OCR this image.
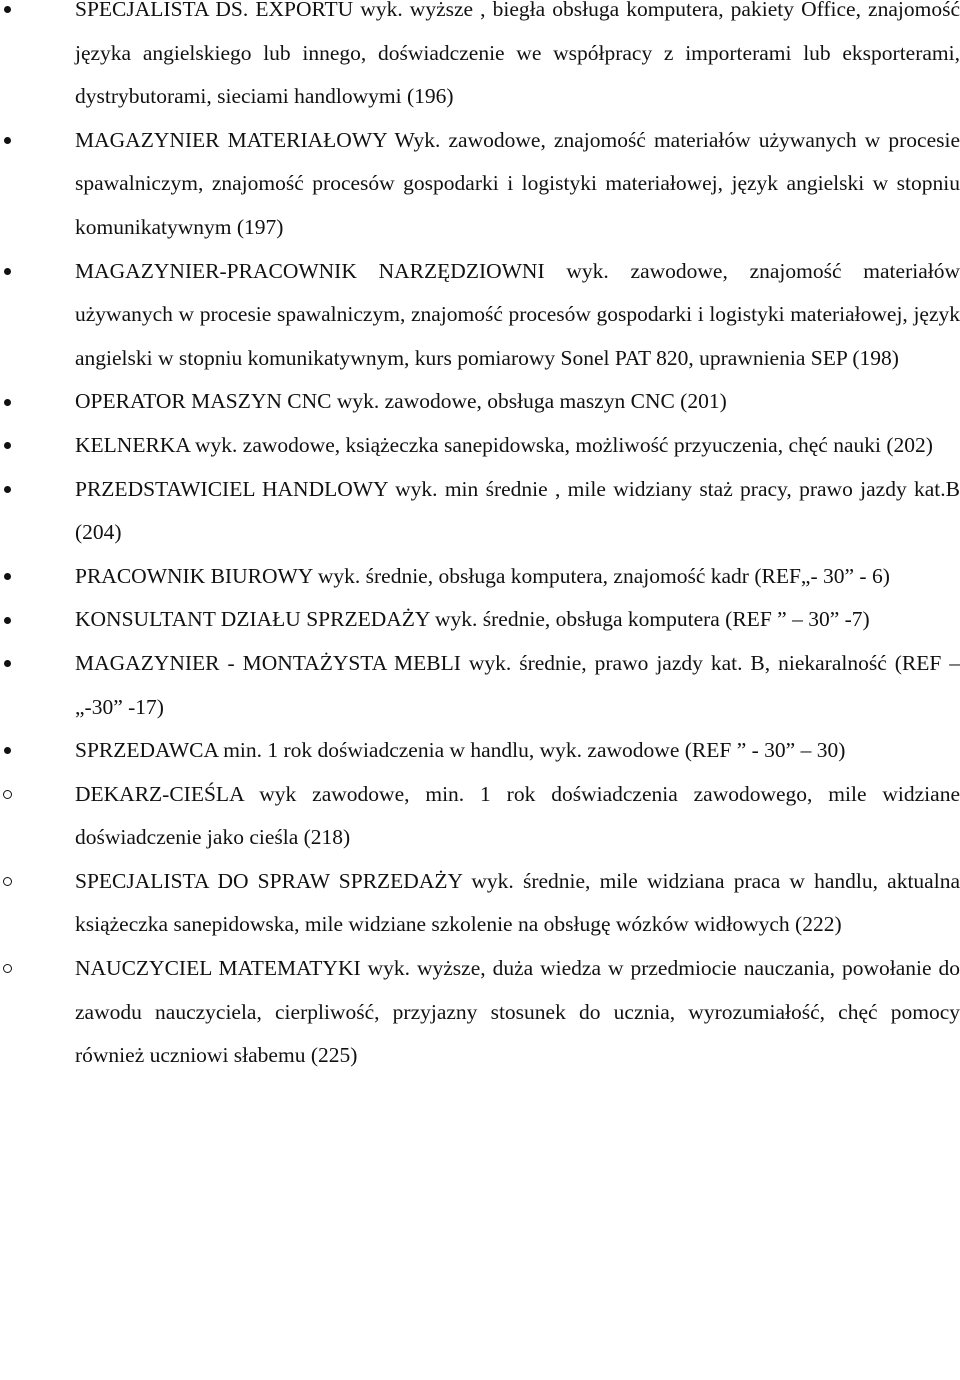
SPECJALISTA DS. EXPORTU wyk. wyższe , biegła obsługa komputera, pakiety Office, znajomość języka angielskiego lub innego, doświadczenie we współpracy z importerami lub eksporterami, dystrybutorami, sieciami handlowymi (196)
MAGAZYNIER MATERIAŁOWY Wyk. zawodowe, znajomość materiałów używanych w procesie spawalniczym, znajomość procesów gospodarki i logistyki materiałowej, język angielski w stopniu komunikatywnym (197)
MAGAZYNIER-PRACOWNIK NARZĘDZIOWNI wyk. zawodowe, znajomość materiałów używanych w procesie spawalniczym, znajomość procesów gospodarki i logistyki materiałowej, język angielski w stopniu komunikatywnym, kurs pomiarowy Sonel PAT 820, uprawnienia SEP (198)
OPERATOR MASZYN CNC wyk. zawodowe, obsługa maszyn CNC (201)
KELNERKA wyk. zawodowe, książeczka sanepidowska, możliwość przyuczenia, chęć nauki (202)
PRZEDSTAWICIEL HANDLOWY wyk. min średnie , mile widziany staż pracy, prawo jazdy kat.B (204)
PRACOWNIK BIUROWY wyk. średnie, obsługa komputera, znajomość kadr (REF„- 30” - 6)
KONSULTANT DZIAŁU SPRZEDAŻY wyk. średnie, obsługa komputera (REF ” – 30” -7)
MAGAZYNIER - MONTAŻYSTA MEBLI wyk. średnie, prawo jazdy kat. B, niekaralność (REF –„-30” -17)
SPRZEDAWCA min. 1 rok doświadczenia w handlu, wyk. zawodowe (REF ” - 30” – 30)
DEKARZ-CIEŚLA wyk zawodowe, min. 1 rok doświadczenia zawodowego, mile widziane doświadczenie jako cieśla (218)
SPECJALISTA DO SPRAW SPRZEDAŻY wyk. średnie, mile widziana praca w handlu, aktualna książeczka sanepidowska, mile widziane szkolenie na obsługę wózków widłowych (222)
NAUCZYCIEL MATEMATYKI wyk. wyższe, duża wiedza w przedmiocie nauczania, powołanie do zawodu nauczyciela, cierpliwość, przyjazny stosunek do ucznia, wyrozumiałość, chęć pomocy również uczniowi słabemu (225)
